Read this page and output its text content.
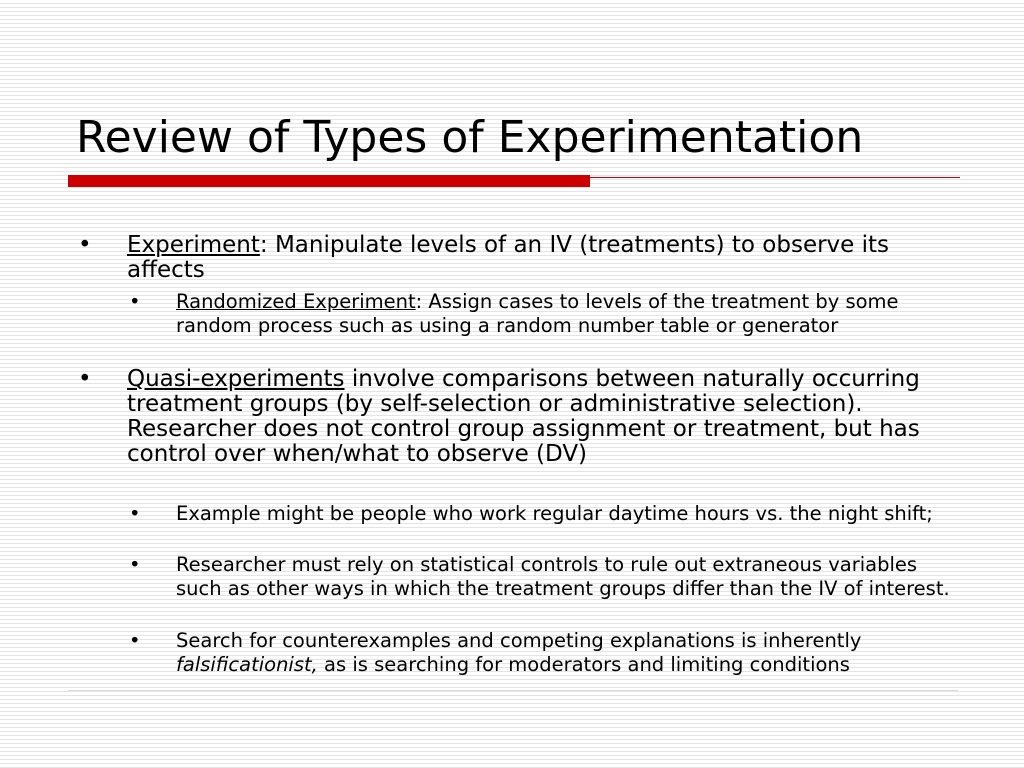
Review of Types of Experimentation
• Experiment: Manipulate levels of an IV (treatments) to observe its affects
• Randomized Experiment: Assign cases to levels of the treatment by some random process such as using a random number table or generator
• Quasi-experiments involve comparisons between naturally occurring treatment groups (by self-selection or administrative selection). Researcher does not control group assignment or treatment, but has control over when/what to observe (DV)
• Example might be people who work regular daytime hours vs. the night shift;
• Researcher must rely on statistical controls to rule out extraneous variables such as other ways in which the treatment groups differ than the IV of interest.
• Search for counterexamples and competing explanations is inherently falsificationist, as is searching for moderators and limiting conditions
